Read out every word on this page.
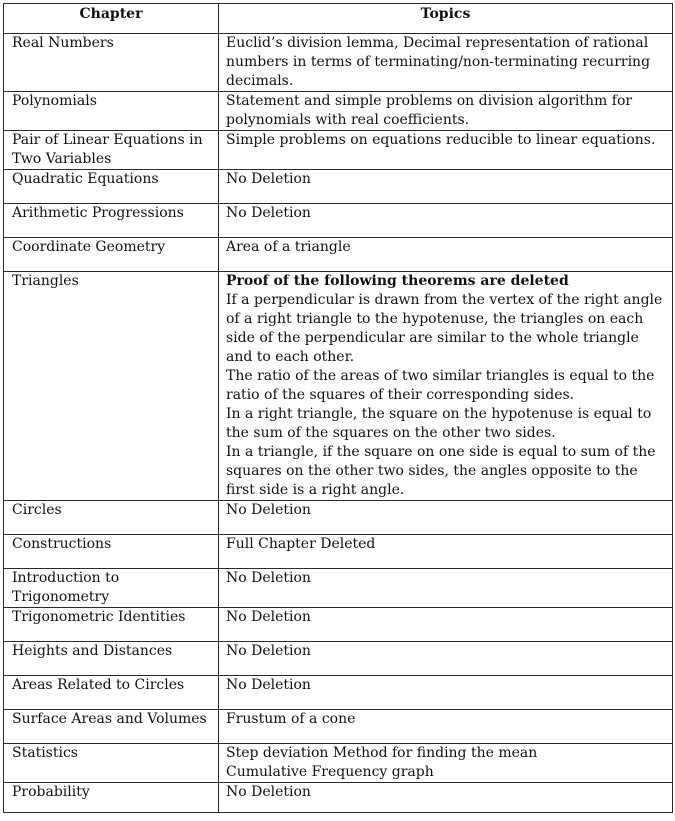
Chapter	Topics
Real Numbers	Euclid’s division lemma, Decimal representation of rational numbers in terms of terminating/non-terminating recurring decimals.

Polynomials	Statement and simple problems on division algorithm for polynomials with real coefficients.

Pair of Linear Equations in Two Variables	Simple problems on equations reducible to linear equations.

Quadratic Equations	No Deletion

Arithmetic Progressions	No Deletion

Coordinate Geometry	Area of a triangle

Triangles	Proof of the following theorems are deleted
If a perpendicular is drawn from the vertex of the right angle of a right triangle to the hypotenuse, the triangles on each side of the perpendicular are similar to the whole triangle and to each other.
The ratio of the areas of two similar triangles is equal to the ratio of the squares of their corresponding sides.
In a right triangle, the square on the hypotenuse is equal to the sum of the squares on the other two sides.
In a triangle, if the square on one side is equal to sum of the squares on the other two sides, the angles opposite to the first side is a right angle.

Circles	No Deletion

Constructions	Full Chapter Deleted

Introduction to Trigonometry	No Deletion

Trigonometric Identities	No Deletion

Heights and Distances	No Deletion

Areas Related to Circles	No Deletion

Surface Areas and Volumes	Frustum of a cone

Statistics	Step deviation Method for finding the mean
Cumulative Frequency graph

Probability	No Deletion
